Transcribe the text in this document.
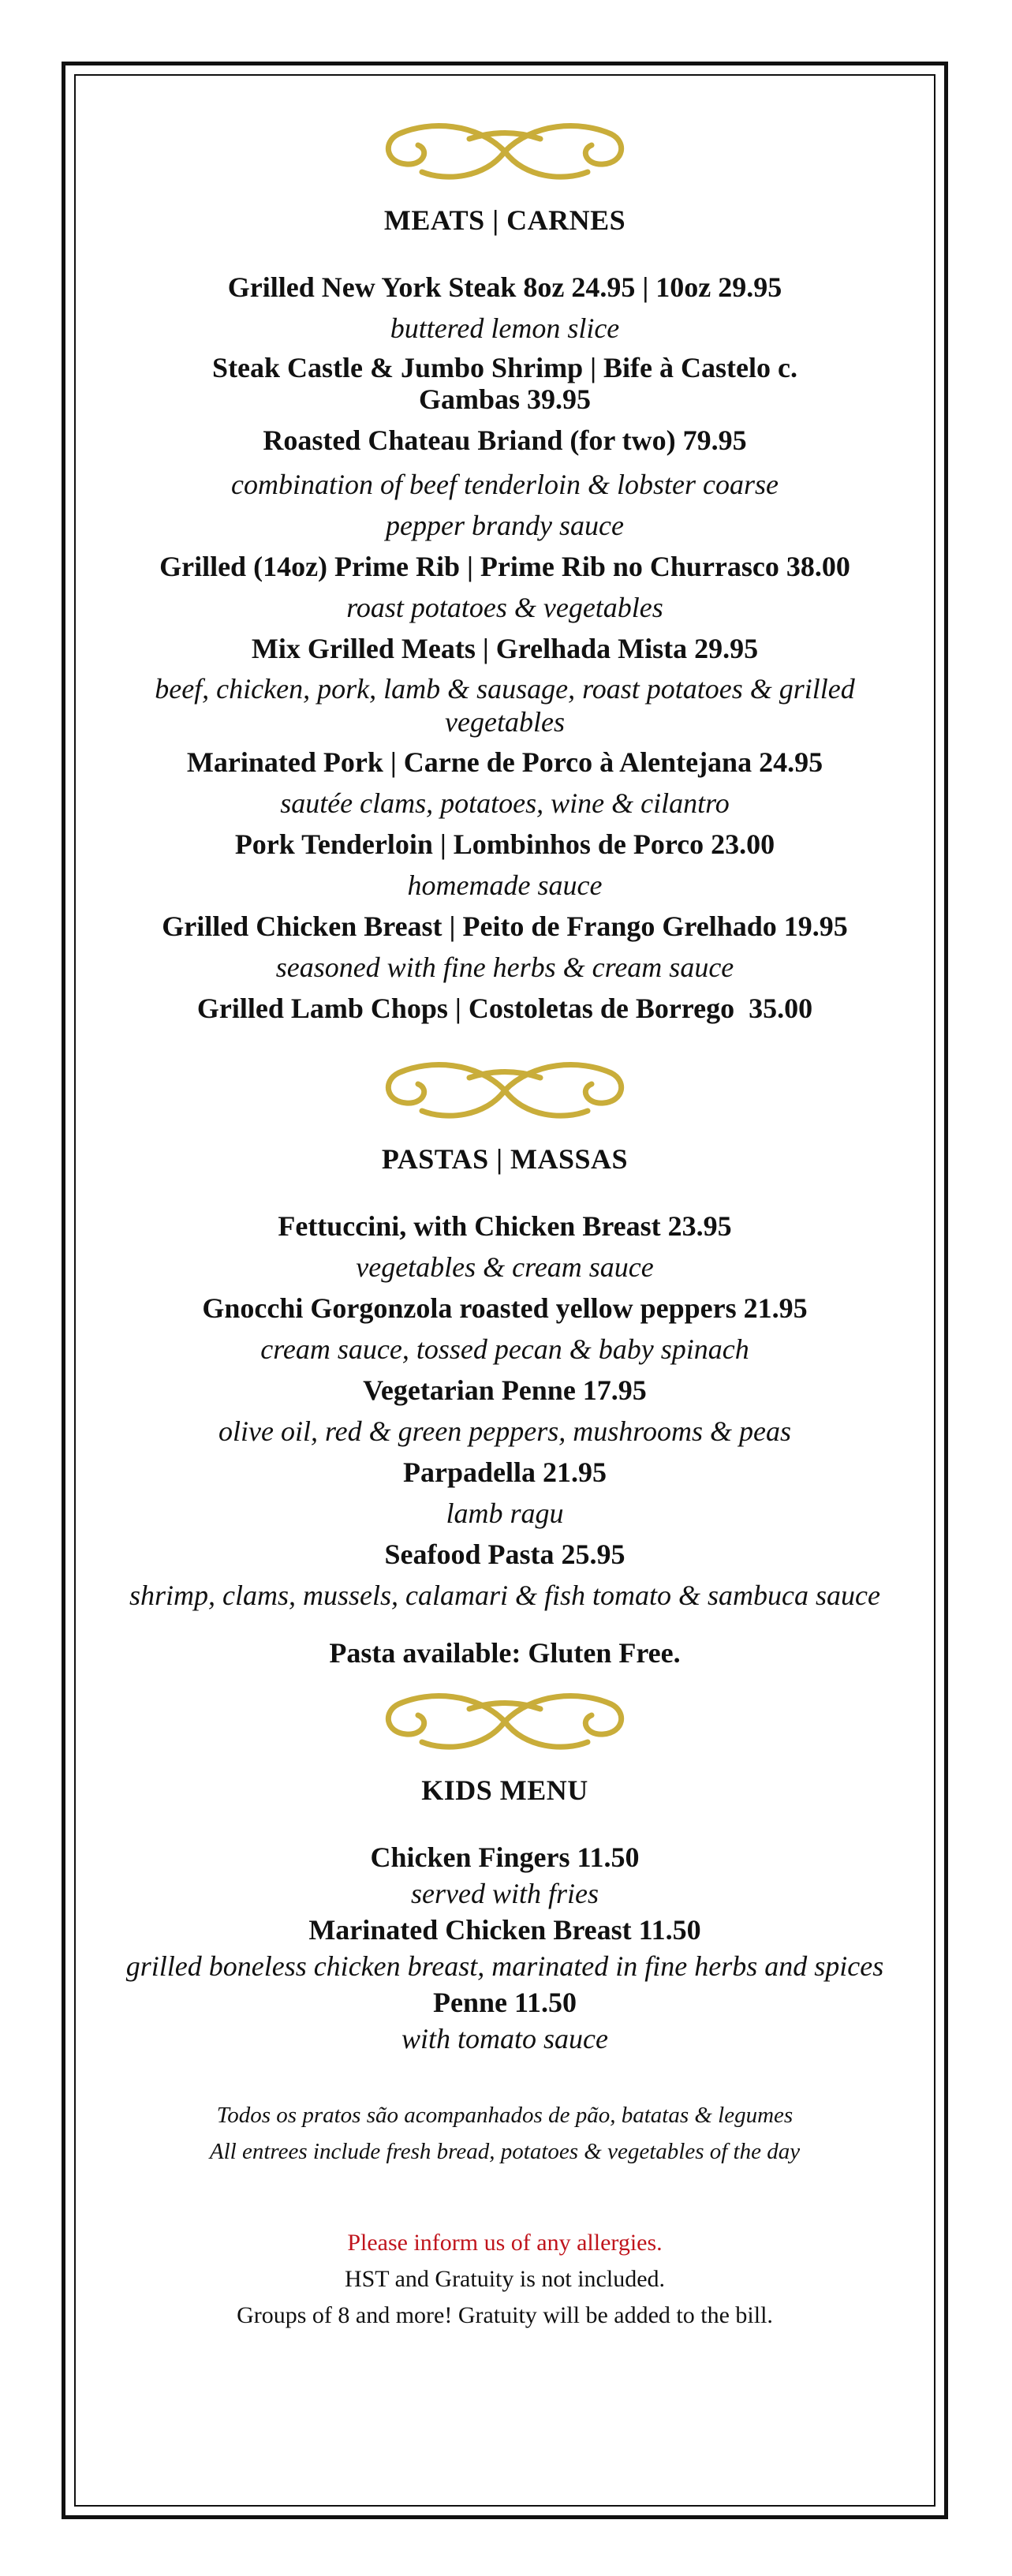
MEATS | CARNES
Grilled New York Steak 8oz 24.95 | 10oz 29.95
buttered lemon slice
Steak Castle & Jumbo Shrimp | Bife à Castelo c. Gambas 39.95
Roasted Chateau Briand (for two) 79.95
combination of beef tenderloin & lobster coarse pepper brandy sauce
Grilled (14oz) Prime Rib | Prime Rib no Churrasco 38.00
roast potatoes & vegetables
Mix Grilled Meats | Grelhada Mista 29.95
beef, chicken, pork, lamb & sausage, roast potatoes & grilled vegetables
Marinated Pork | Carne de Porco à Alentejana 24.95
sautée clams, potatoes, wine & cilantro
Pork Tenderloin | Lombinhos de Porco 23.00
homemade sauce
Grilled Chicken Breast | Peito de Frango Grelhado 19.95
seasoned with fine herbs & cream sauce
Grilled Lamb Chops | Costoletas de Borrego  35.00
PASTAS | MASSAS
Fettuccini, with Chicken Breast 23.95
vegetables & cream sauce
Gnocchi Gorgonzola roasted yellow peppers 21.95
cream sauce, tossed pecan & baby spinach
Vegetarian Penne 17.95
olive oil, red & green peppers, mushrooms & peas
Parpadella 21.95
lamb ragu
Seafood Pasta 25.95
shrimp, clams, mussels, calamari & fish tomato & sambuca sauce
Pasta available: Gluten Free.
KIDS MENU
Chicken Fingers 11.50
served with fries
Marinated Chicken Breast 11.50
grilled boneless chicken breast, marinated in fine herbs and spices
Penne 11.50
with tomato sauce
Todos os pratos são acompanhados de pão, batatas & legumes
All entrees include fresh bread, potatoes & vegetables of the day
Please inform us of any allergies.
HST and Gratuity is not included.
Groups of 8 and more! Gratuity will be added to the bill.
